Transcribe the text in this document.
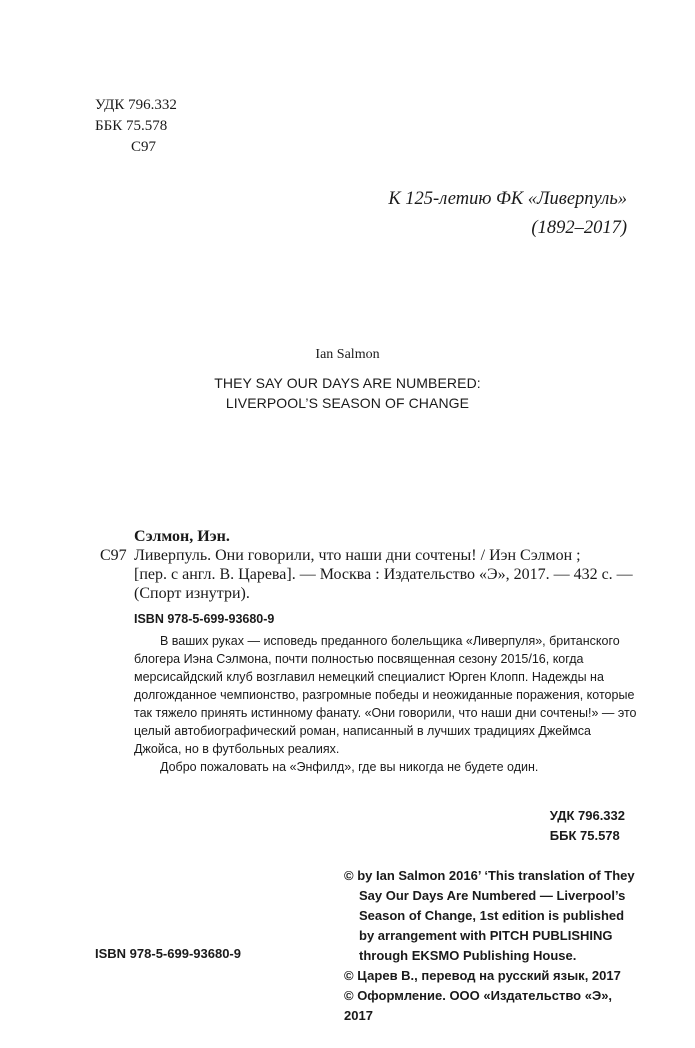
УДК 796.332
ББК 75.578
С97
К 125-летию ФК «Ливерпуль»
(1892–2017)
Ian Salmon
THEY SAY OUR DAYS ARE NUMBERED:
LIVERPOOL’S SEASON OF CHANGE
Сэлмон, Иэн.
С97 Ливерпуль. Они говорили, что наши дни сочтены! / Иэн Сэлмон ;
[пер. с англ. В. Царева]. — Москва : Издательство «Э», 2017. — 432 с. —
(Спорт изнутри).
ISBN 978-5-699-93680-9

В ваших руках — исповедь преданного болельщика «Ливерпуля», британского блогера Иэна Сэлмона, почти полностью посвященная сезону 2015/16, когда мерсисайдский клуб возглавил немецкий специалист Юрген Клопп. Надежды на долгожданное чемпионство, разгромные победы и неожиданные поражения, которые так тяжело принять истинному фанату. «Они говорили, что наши дни сочтены!» — это целый автобиографический роман, написанный в лучших традициях Джеймса Джойса, но в футбольных реалиях.

Добро пожаловать на «Энфилд», где вы никогда не будете один.

УДК 796.332
ББК 75.578
© by Ian Salmon 2016’ ‘This translation of They
Say Our Days Are Numbered — Liverpool’s
Season of Change, 1st edition is published
by arrangement with PITCH PUBLISHING
through EKSMO Publishing House.
© Царев В., перевод на русский язык, 2017
© Оформление. ООО «Издательство «Э», 2017
ISBN 978-5-699-93680-9
